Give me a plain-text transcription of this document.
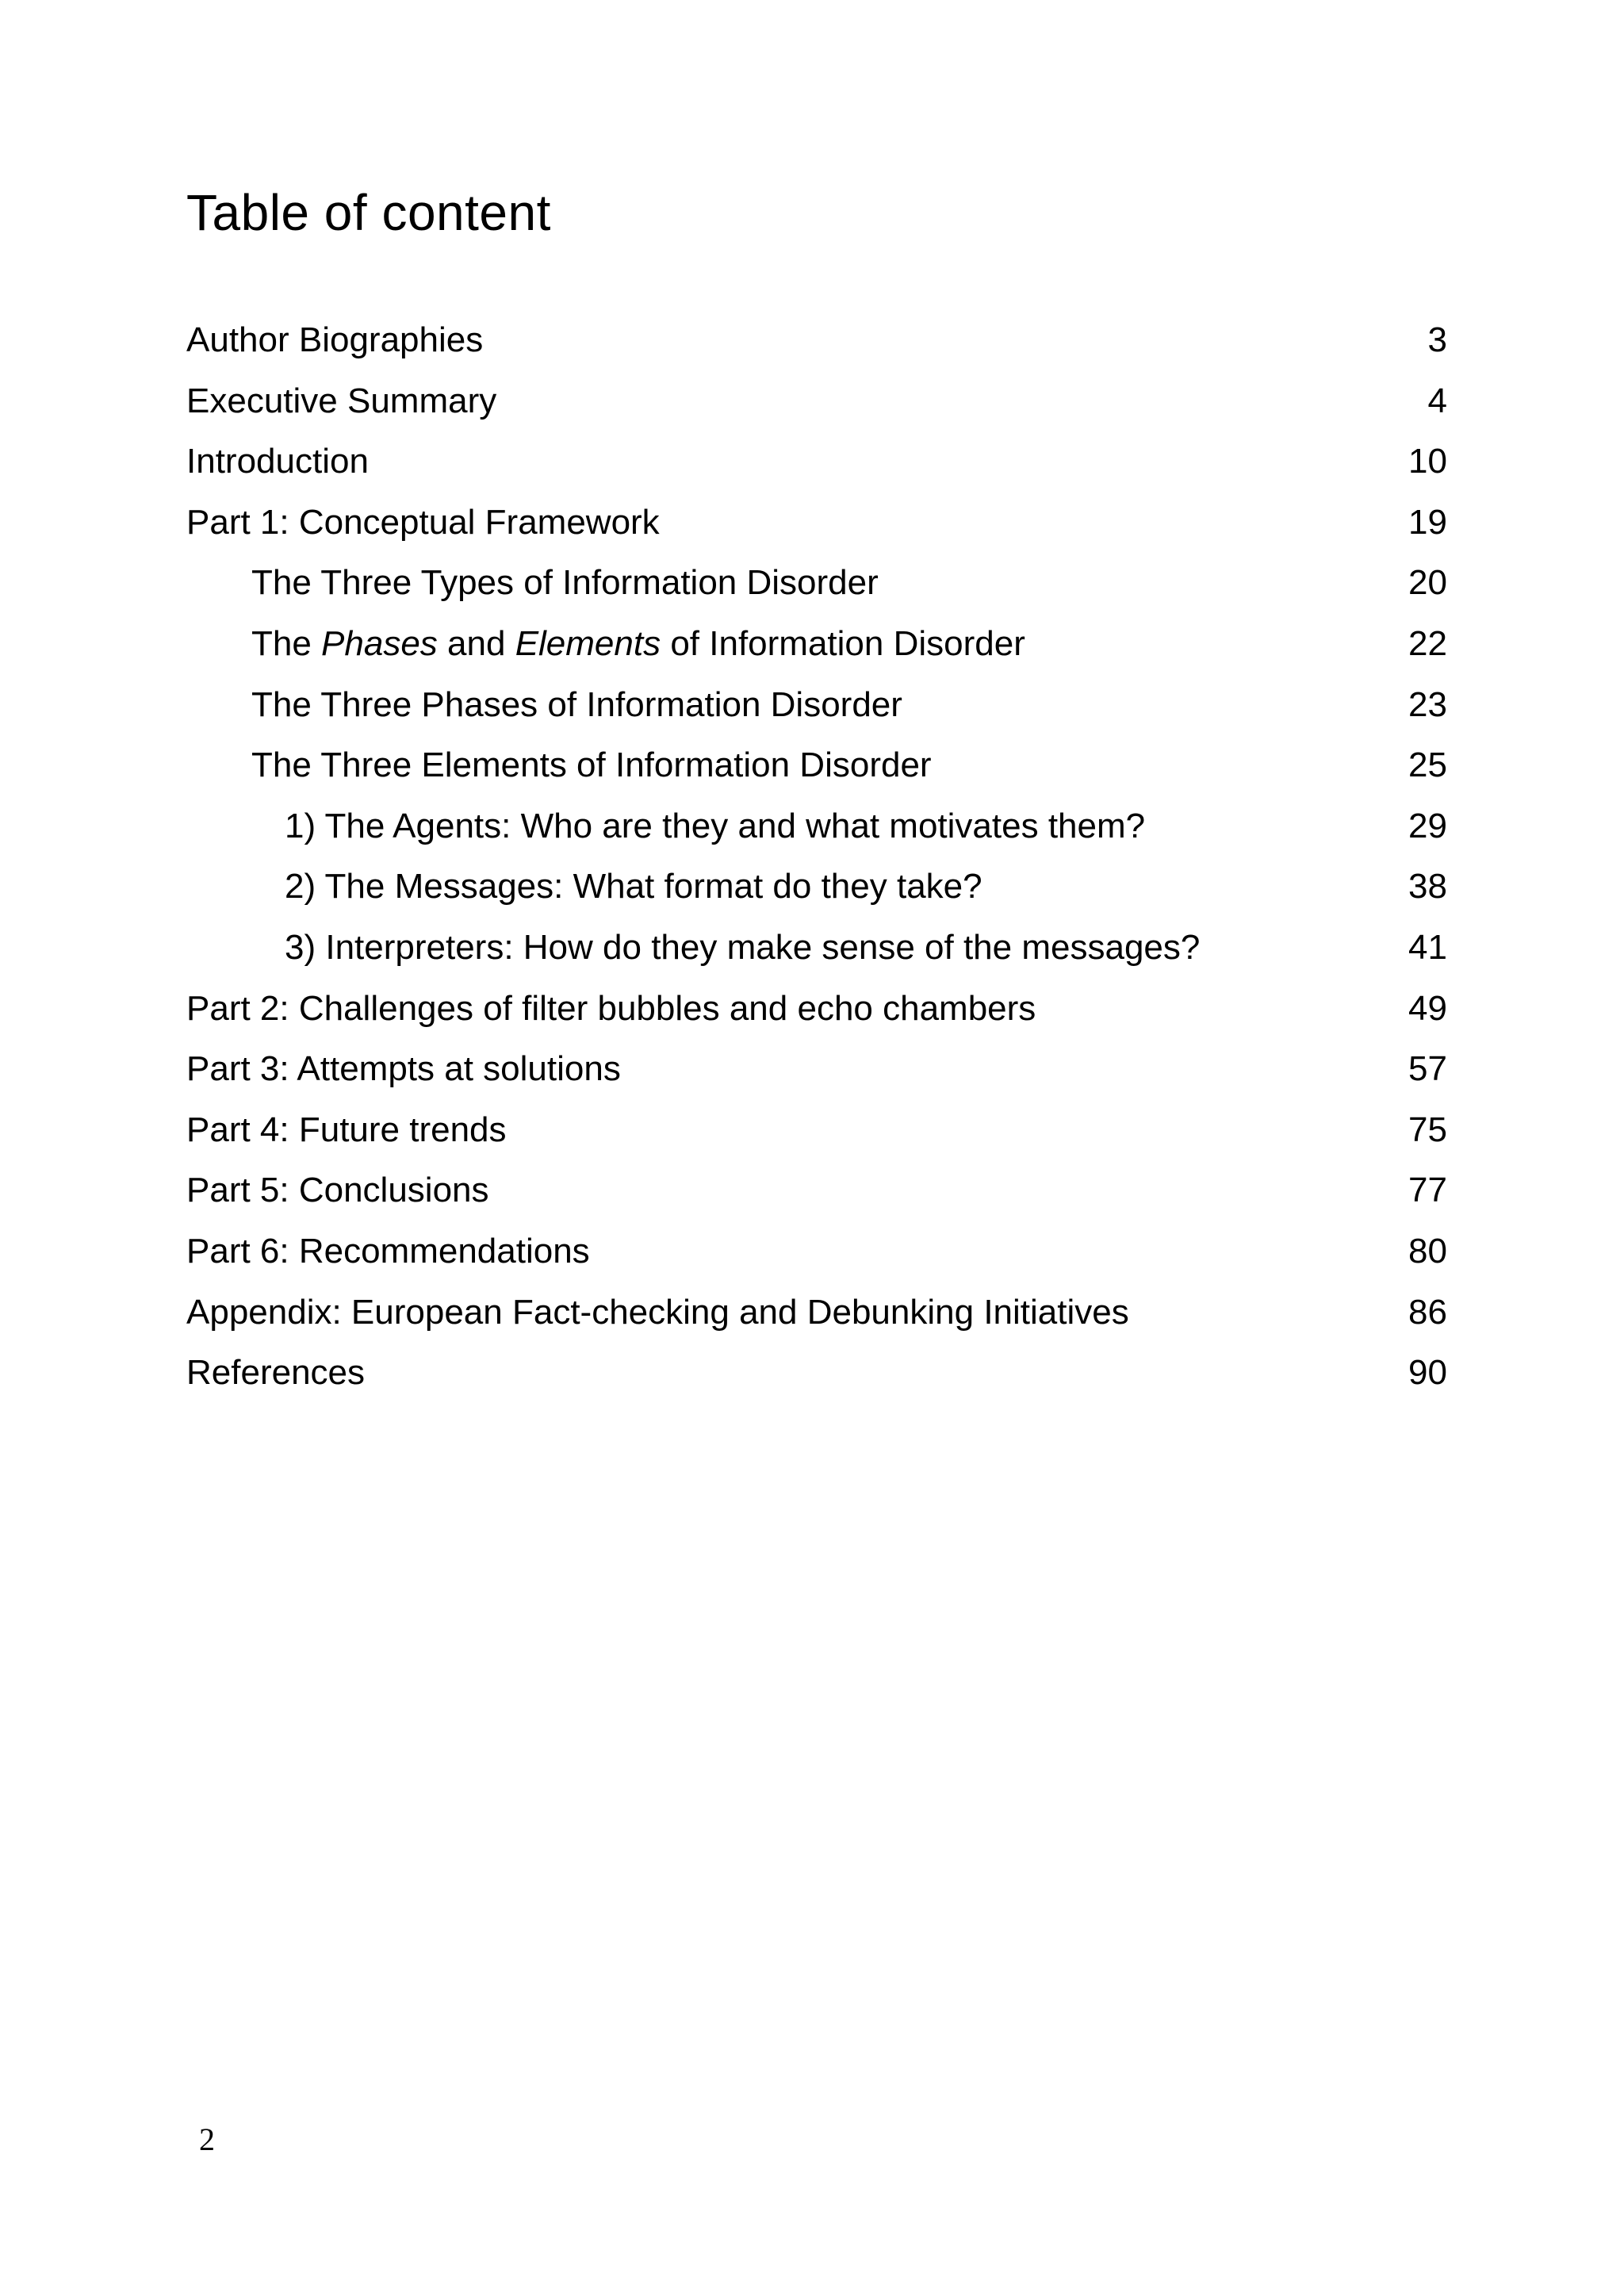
Table of content
Author Biographies	3
Executive Summary	4
Introduction	10
Part 1: Conceptual Framework	19
The Three Types of Information Disorder	20
The Phases and Elements of Information Disorder	22
The Three Phases of Information Disorder	23
The Three Elements of Information Disorder	25
1) The Agents: Who are they and what motivates them?	29
2) The Messages: What format do they take?	38
3) Interpreters: How do they make sense of the messages?	41
Part 2: Challenges of filter bubbles and echo chambers	49
Part 3: Attempts at solutions	57
Part 4: Future trends	75
Part 5: Conclusions	77
Part 6: Recommendations	80
Appendix: European Fact-checking and Debunking Initiatives	86
References	90
2
